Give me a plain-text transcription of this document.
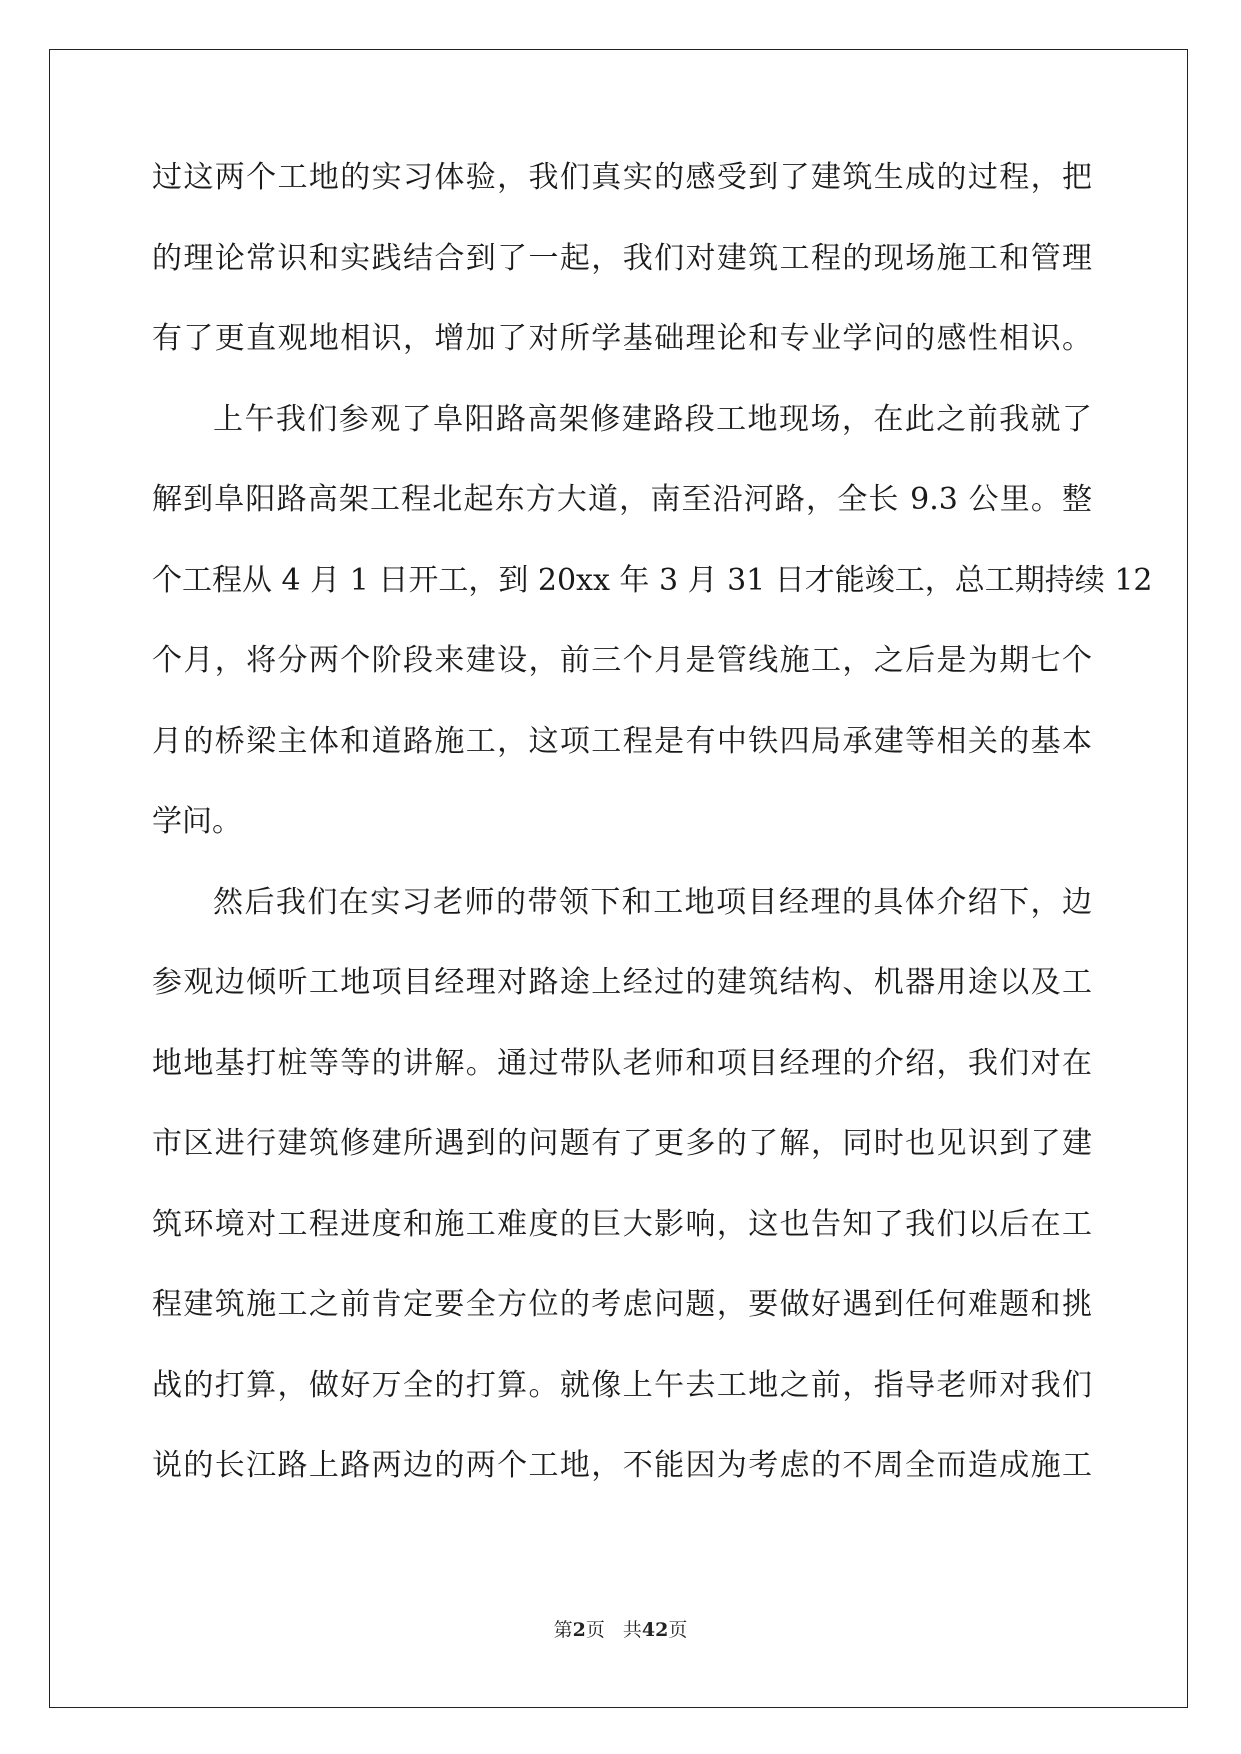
过这两个工地的实习体验，我们真实的感受到了建筑生成的过程，把
的理论常识和实践结合到了一起，我们对建筑工程的现场施工和管理
有了更直观地相识，增加了对所学基础理论和专业学问的感性相识。
上午我们参观了阜阳路高架修建路段工地现场，在此之前我就了
解到阜阳路高架工程北起东方大道，南至沿河路，全长 9.3 公里。整
个工程从 4 月 1 日开工，到 20xx 年 3 月 31 日才能竣工，总工期持续 12
个月，将分两个阶段来建设，前三个月是管线施工，之后是为期七个
月的桥梁主体和道路施工，这项工程是有中铁四局承建等相关的基本
学问。
然后我们在实习老师的带领下和工地项目经理的具体介绍下，边
参观边倾听工地项目经理对路途上经过的建筑结构、机器用途以及工
地地基打桩等等的讲解。通过带队老师和项目经理的介绍，我们对在
市区进行建筑修建所遇到的问题有了更多的了解，同时也见识到了建
筑环境对工程进度和施工难度的巨大影响，这也告知了我们以后在工
程建筑施工之前肯定要全方位的考虑问题，要做好遇到任何难题和挑
战的打算，做好万全的打算。就像上午去工地之前，指导老师对我们
说的长江路上路两边的两个工地，不能因为考虑的不周全而造成施工
第2页 共42页
